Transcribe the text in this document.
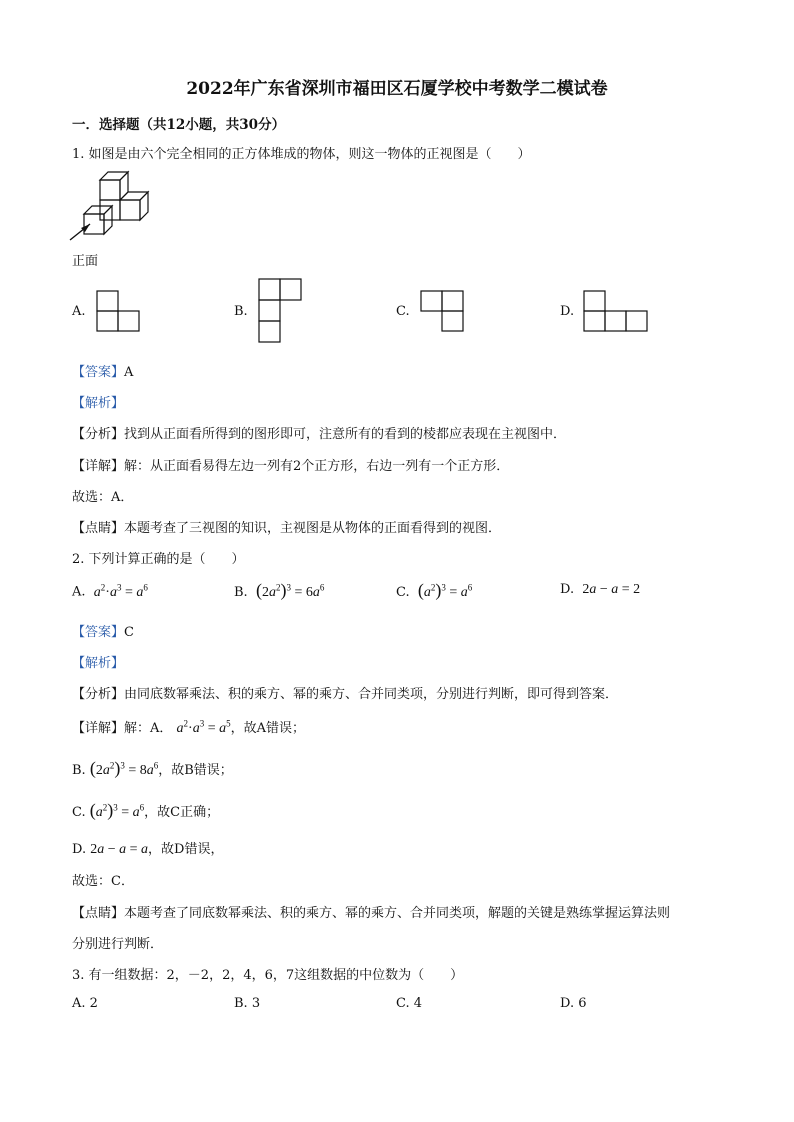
2022年广东省深圳市福田区石厦学校中考数学二模试卷
一．选择题（共12小题，共30分）
1. 如图是由六个完全相同的正方体堆成的物体，则这一物体的正视图是（　　）
正面
A.	B.	C.	D.
【答案】A
【解析】
【分析】找到从正面看所得到的图形即可，注意所有的看到的棱都应表现在主视图中．
【详解】解：从正面看易得左边一列有2个正方形，右边一列有一个正方形．
故选：A．
【点睛】本题考查了三视图的知识，主视图是从物体的正面看得到的视图．
2. 下列计算正确的是（　　）
A. $a^2\cdot a^3 = a^6$	B. $(2a^2)^3 = 6a^6$	C. $(a^2)^3 = a^6$	D. 2a − a = 2
【答案】C
【解析】
【分析】由同底数幂乘法、积的乘方、幂的乘方、合并同类项，分别进行判断，即可得到答案．
【详解】解：A． $a^2\cdot a^3 = a^5$，故A错误；
B. $(2a^2)^3 = 8a^6$，故B错误；
C. $(a^2)^3 = a^6$，故C正确；
D. 2a − a = a，故D错误，
故选：C．
【点睛】本题考查了同底数幂乘法、积的乘方、幂的乘方、合并同类项，解题的关键是熟练掌握运算法则
分别进行判断．
3. 有一组数据：2，－2，2，4，6，7这组数据的中位数为（　　）
A. 2	B. 3	C. 4	D. 6
